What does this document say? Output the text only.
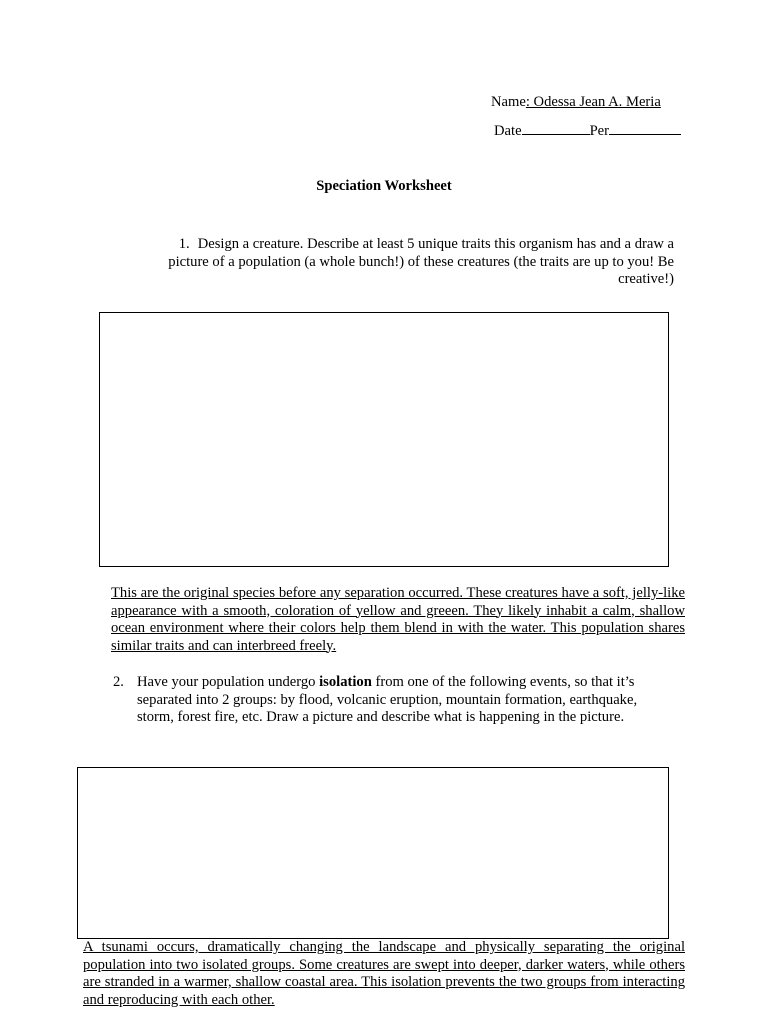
Name: Odessa Jean A. Meria
Date	Per
Speciation Worksheet
1. Design a creature. Describe at least 5 unique traits this organism has and a draw a picture of a population (a whole bunch!) of these creatures (the traits are up to you! Be creative!)
This are the original species before any separation occurred. These creatures have a soft, jelly-like appearance with a smooth, coloration of yellow and greeen. They likely inhabit a calm, shallow ocean environment where their colors help them blend in with the water. This population shares similar traits and can interbreed freely.
2. Have your population undergo isolation from one of the following events, so that it’s separated into 2 groups: by flood, volcanic eruption, mountain formation, earthquake, storm, forest fire, etc. Draw a picture and describe what is happening in the picture.
A tsunami occurs, dramatically changing the landscape and physically separating the original population into two isolated groups. Some creatures are swept into deeper, darker waters, while others are stranded in a warmer, shallow coastal area. This isolation prevents the two groups from interacting and reproducing with each other.
